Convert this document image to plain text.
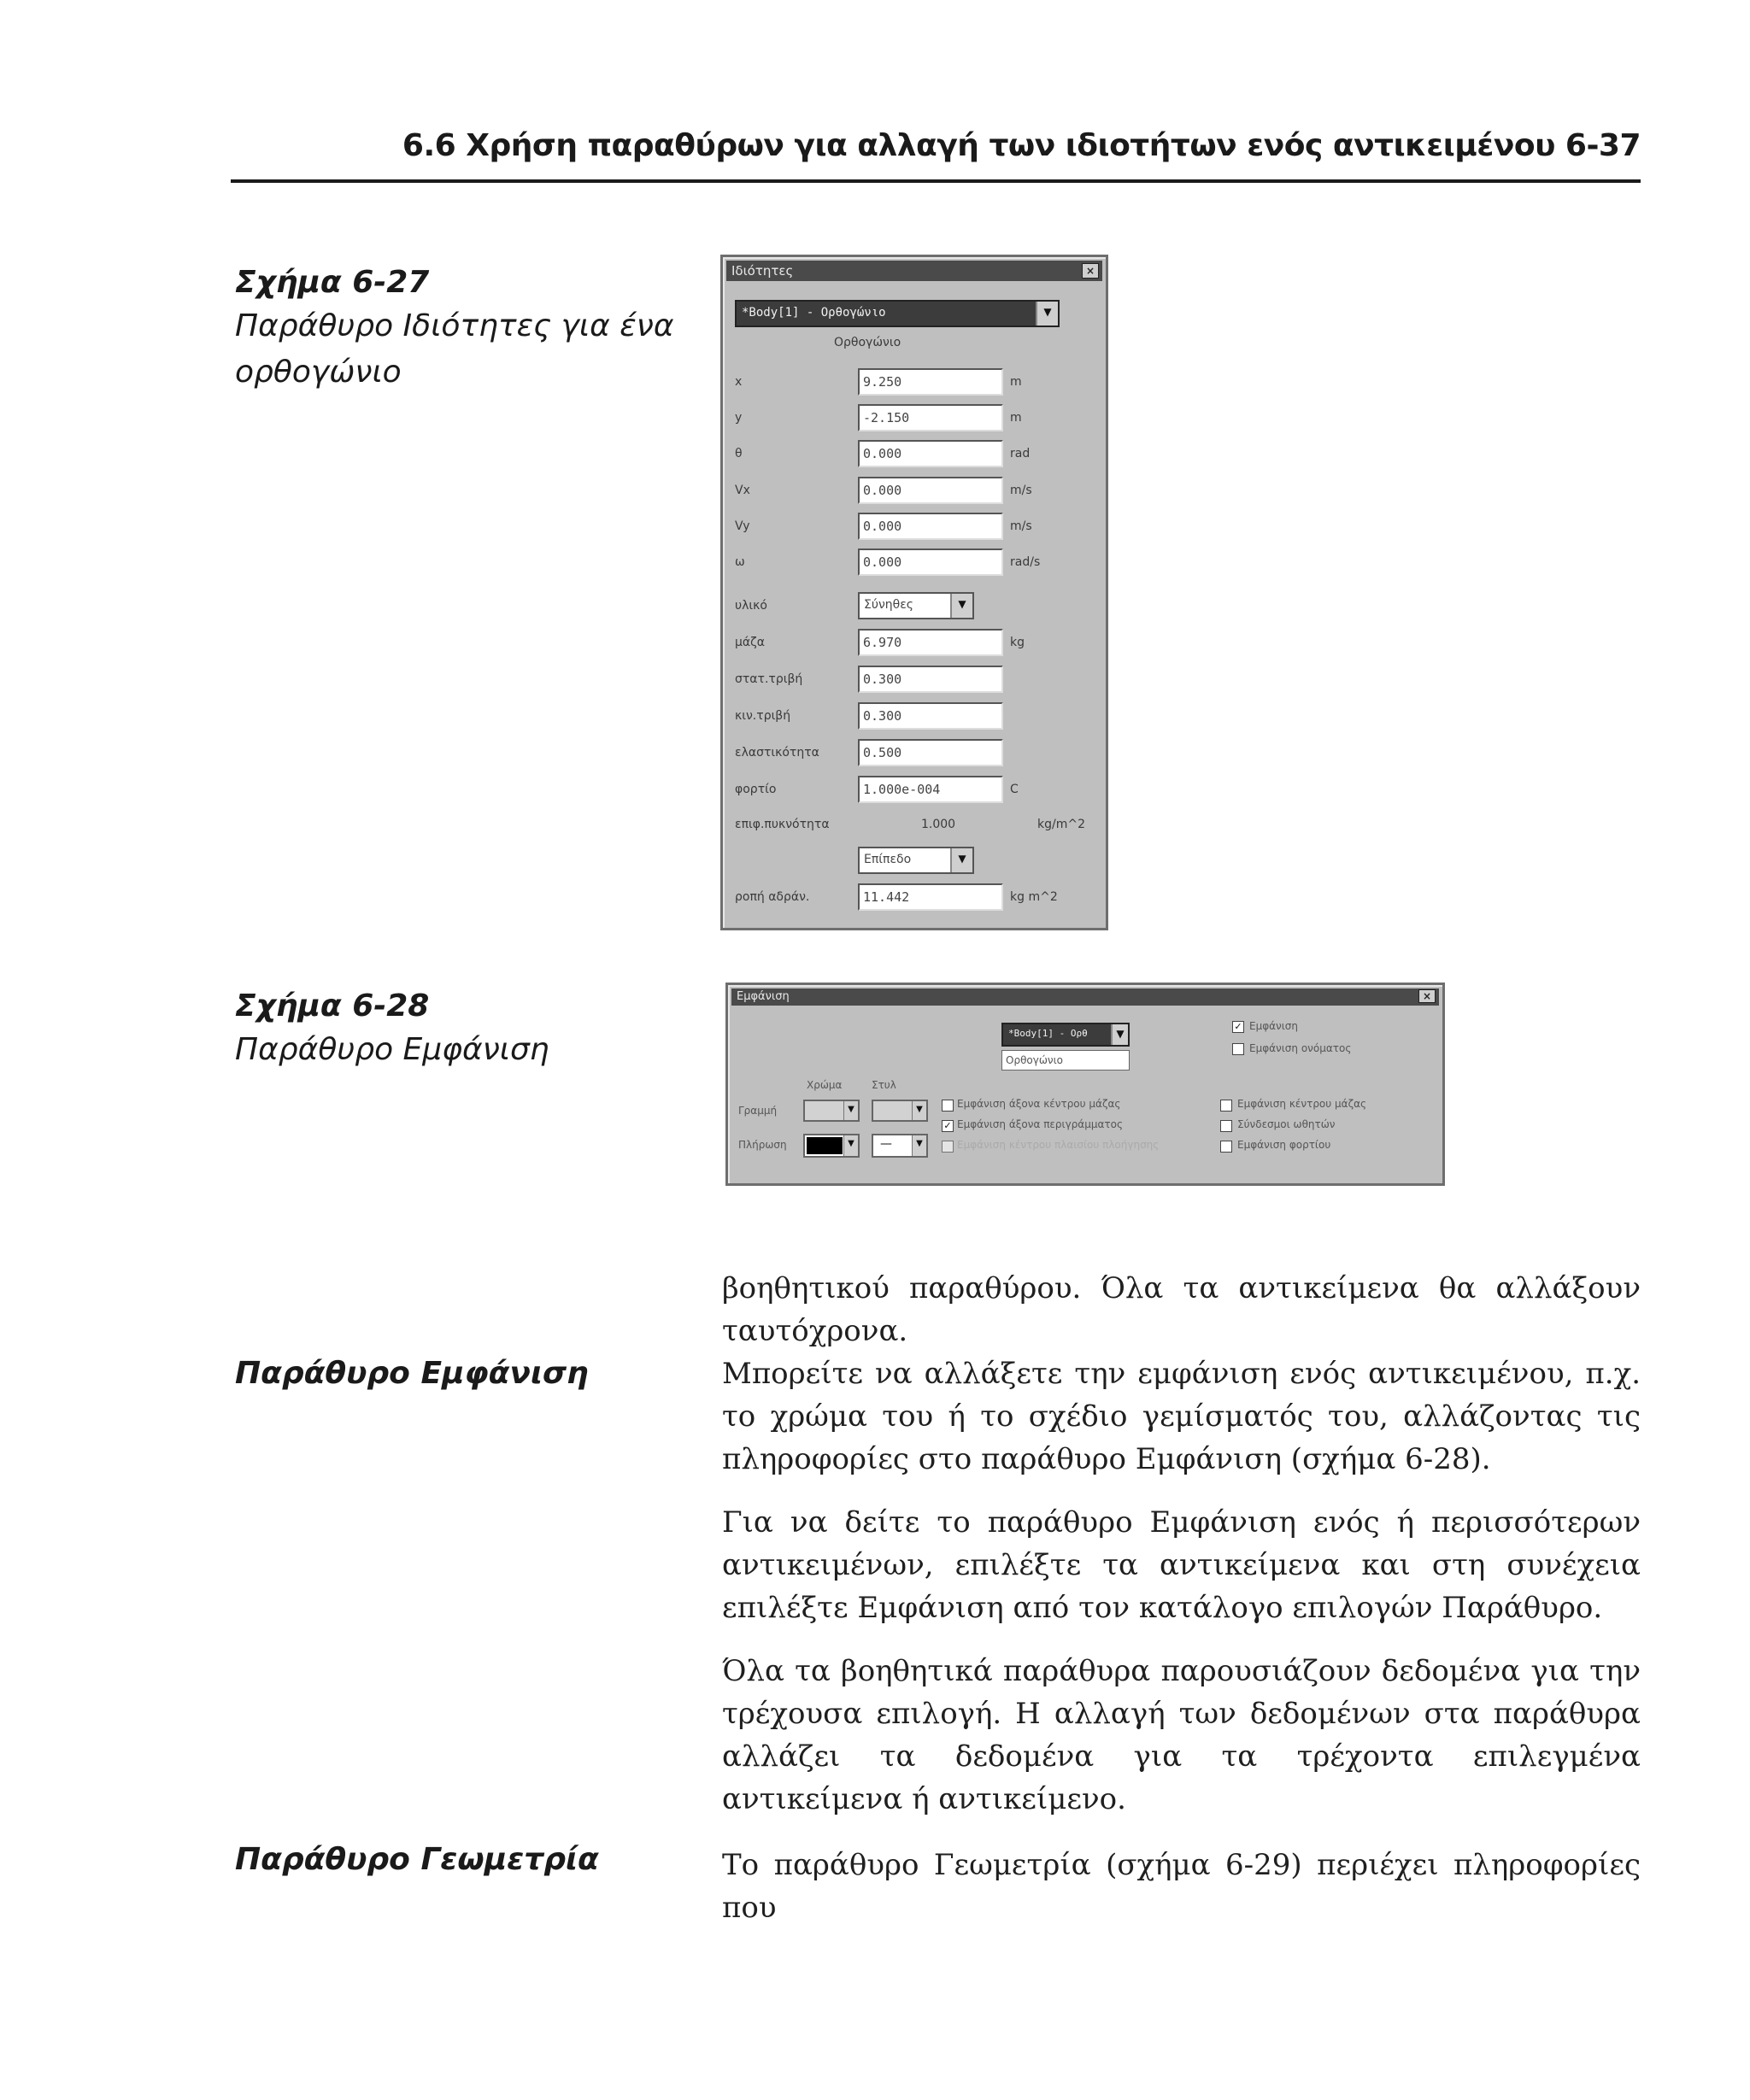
6.6 Χρήση παραθύρων για αλλαγή των ιδιοτήτων ενός αντικειμένου 6-37
Σχήμα 6-27
Παράθυρο Ιδιότητες για ένα
ορθογώνιο
Ιδιότητες	×
*Body[1] - Ορθογώνιο	▼
Ορθογώνιο
x	9.250	m
y	-2.150	m
θ	0.000	rad
Vx	0.000	m/s
Vy	0.000	m/s
ω	0.000	rad/s
υλικό	Σύνηθες	▼
μάζα	6.970	kg
στατ.τριβή	0.300
κιν.τριβή	0.300
ελαστικότητα	0.500
φορτίο	1.000e-004	C
επιφ.πυκνότητα	1.000	kg/m^2
Επίπεδο	▼
ροπή αδράν.	11.442	kg m^2
Σχήμα 6-28
Παράθυρο Εμφάνιση
Εμφάνιση	×
*Body[1] - Ορθ	▼
Ορθογώνιο
✓ Εμφάνιση
Εμφάνιση ονόματος
Χρώμα	Στυλ
Γραμμή	▼	▼
Πλήρωση	▼ —	▼
Εμφάνιση άξονα κέντρου μάζας
✓ Εμφάνιση άξονα περιγράμματος
Εμφάνιση κέντρου πλαισίου πλοήγησης
Εμφάνιση κέντρου μάζας
Σύνδεσμοι ωθητών
Εμφάνιση φορτίου
Παράθυρο Εμφάνιση
Παράθυρο Γεωμετρία

βοηθητικού παραθύρου. Όλα τα αντικείμενα θα αλλάξουν
ταυτόχρονα.

Μπορείτε να αλλάξετε την εμφάνιση ενός αντικειμένου, π.χ. το χρώμα του ή το σχέδιο γεμίσματός του, αλλάζοντας τις πληροφορίες στο παράθυρο Εμφάνιση (σχήμα 6-28).

Για να δείτε το παράθυρο Εμφάνιση ενός ή περισσότερων αντικειμένων, επιλέξτε τα αντικείμενα και στη συνέχεια επιλέξτε Εμφάνιση από τον κατάλογο επιλογών Παράθυρο.

Όλα τα βοηθητικά παράθυρα παρουσιάζουν δεδομένα για την τρέχουσα επιλογή. Η αλλαγή των δεδομένων στα παράθυρα αλλάζει τα δεδομένα για τα τρέχοντα επιλεγμένα αντικείμενα ή αντικείμενο.

Το παράθυρο Γεωμετρία (σχήμα 6-29) περιέχει πληροφορίες που
